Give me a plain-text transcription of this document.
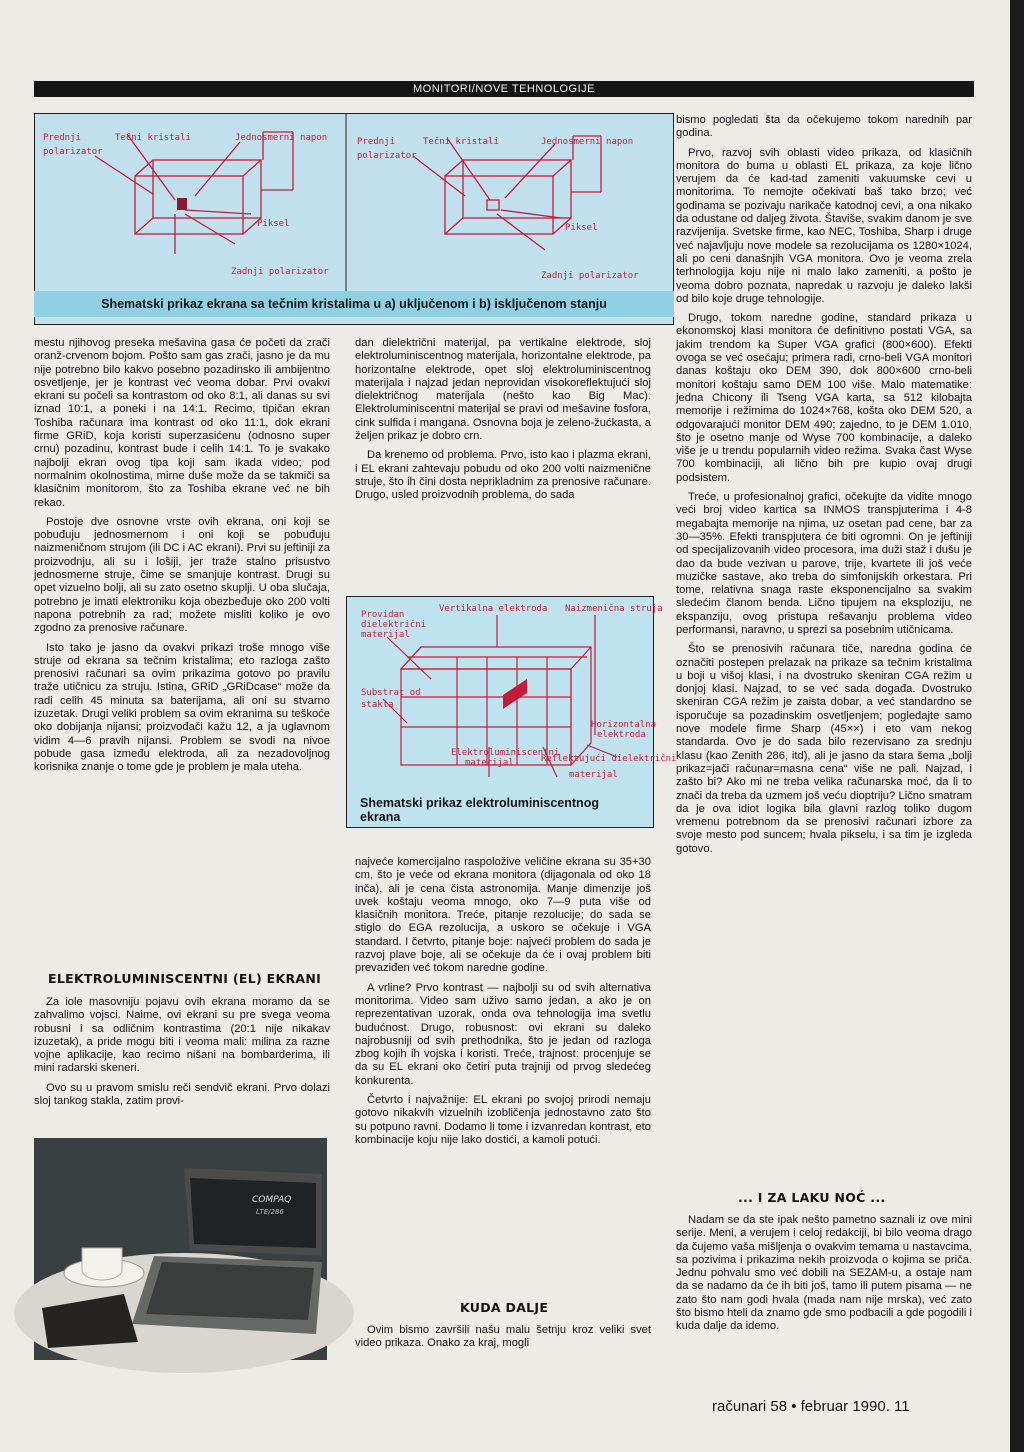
MONITORI/NOVE TEHNOLOGIJE
Prednji
polarizator
Tečni kristali	Jednosmerni napon
Piksel
Zadnji polarizator
Prednji
polarizator
Tečni kristali	Jednosmerni napon
Piksel
Zadnji polarizator
Shematski prikaz ekrana sa tečnim kristalima u a) uključenom i b) isključenom stanju

mestu njihovog preseka mešavina gasa će početi da zrači oranž-crvenom bojom. Pošto sam gas zrači, jasno je da mu nije potrebno bilo kakvo posebno pozadinsko ili ambijentno osvetljenje, jer je kontrast već veoma dobar. Prvi ovakvi ekrani su počeli sa kontrastom od oko 8:1, ali danas su svi iznad 10:1, a poneki i na 14:1. Recimo, tipičan ekran Toshiba računara ima kontrast od oko 11:1, dok ekrani firme GRiD, koja koristi superzasićenu (odnosno super crnu) pozadinu, kontrast bude i celih 14:1. To je svakako najbolji ekran ovog tipa koji sam ikada video; pod normalnim okolnostima, mirne duše može da se takmiči sa klasičnim monitorom, što za Toshiba ekrane već ne bih rekao.

Postoje dve osnovne vrste ovih ekrana, oni koji se pobuđuju jednosmernom i oni koji se pobuđuju naizmeničnom strujom (ili DC i AC ekrani). Prvi su jeftiniji za proizvodnju, ali su i lošiji, jer traže stalno prisustvo jednosmerne struje, čime se smanjuje kontrast. Drugi su opet vizuelno bolji, ali su zato osetno skuplji. U oba slučaja, potrebno je imati elektroniku koja obezbeđuje oko 200 volti napona potrebnih za rad; možete misliti koliko je ovo zgodno za prenosive računare.

Isto tako je jasno da ovakvi prikazi troše mnogo više struje od ekrana sa tečnim kristalima; eto razloga zašto prenosivi računari sa ovim prikazima gotovo po pravilu traže utičnicu za struju. Istina, GRiD „GRiDcase“ može da radi celih 45 minuta sa baterijama, ali oni su stvarno izuzetak. Drugi veliki problem sa ovim ekranima su teškoće oko dobijanja nijansi; proizvođači kažu 12, a ja uglavnom vidim 4—6 pravih nijansi. Problem se svodi na nivoe pobude gasa između elektroda, ali za nezadovoljnog korisnika znanje o tome gde je problem je mala uteha.

ELEKTROLUMINISCENTNI (EL) EKRANI

Za iole masovniju pojavu ovih ekrana moramo da se zahvalimo vojsci. Naime, ovi ekrani su pre svega veoma robusni i sa odličnim kontrastima (20:1 nije nikakav izuzetak), a pride mogu biti i veoma mali: milina za razne vojne aplikacije, kao recimo nišani na bombarderima, ili mini radarski skeneri.

Ovo su u pravom smislu reči sendvič ekrani. Prvo dolazi sloj tankog stakla, zatim provi-

COMPAQ
LTE/286

dan dielektrični materijal, pa vertikalne elektrode, sloj elektroluminiscentnog materijala, horizontalne elektrode, pa horizontalne elektrode, opet sloj elektroluminiscentnog materijala i najzad jedan neprovidan visokoreflektujući sloj dielektričnog materijala (nešto kao Big Mac). Elektroluminiscentni materijal se pravi od mešavine fosfora, cink sulfida i mangana. Osnovna boja je zeleno-žućkasta, a željen prikaz je dobro crn.

Da krenemo od problema. Prvo, isto kao i plazma ekrani, i EL ekrani zahtevaju pobudu od oko 200 volti naizmenične struje, što ih čini dosta neprikladnim za prenosive računare. Drugo, usled proizvodnih problema, do sada

Providan
dielektrični
materijal
Vertikalna elektroda Naizmenična struja
Substrat od
stakla
Horizontalna
elektroda
Elektroluminiscentni
materijal	Reflektujući dielektrični
materijal
Shematski prikaz elektroluminiscentnog ekrana

najveće komercijalno raspoložive veličine ekrana su 35+30 cm, što je veće od ekrana monitora (dijagonala od oko 18 inča), ali je cena čista astronomija. Manje dimenzije još uvek koštaju veoma mnogo, oko 7—9 puta više od klasičnih monitora. Treće, pitanje rezolucije; do sada se stiglo do EGA rezolucija, a uskoro se očekuje i VGA standard. I četvrto, pitanje boje: najveći problem do sada je razvoj plave boje, ali se očekuje da će i ovaj problem biti prevaziđen već tokom naredne godine.

A vrline? Prvo kontrast — najbolji su od svih alternativa monitorima. Video sam uživo samo jedan, a ako je on reprezentativan uzorak, onda ova tehnologija ima svetlu budućnost. Drugo, robusnost: ovi ekrani su daleko najrobusniji od svih prethodnika, što je jedan od razloga zbog kojih ih vojska i koristi. Treće, trajnost: procenjuje se da su EL ekrani oko četiri puta trajniji od prvog sledećeg konkurenta.

Četvrto i najvažnije: EL ekrani po svojoj prirodi nemaju gotovo nikakvih vizuelnih izobličenja jednostavno zato što su potpuno ravni. Dodamo li tome i izvanredan kontrast, eto kombinacije koju nije lako dostići, a kamoli potući.

KUDA DALJE

Ovim bismo završili našu malu šetnju kroz veliki svet video prikaza. Onako za kraj, mogli

bismo pogledati šta da očekujemo tokom narednih par godina.

Prvo, razvoj svih oblasti video prikaza, od klasičnih monitora do buma u oblasti EL prikaza, za koje lično verujem da će kad-tad zameniti vakuumske cevi u monitorima. To nemojte očekivati baš tako brzo; već godinama se pozivaju narikače katodnoj cevi, a ona nikako da odustane od daljeg života. Štaviše, svakim danom je sve razvijenija. Svetske firme, kao NEC, Toshiba, Sharp i druge već najavljuju nove modele sa rezolucijama os 1280×1024, ali po ceni današnjih VGA monitora. Ovo je veoma zrela terhnologija koju nije ni malo lako zameniti, a pošto je veoma dobro poznata, napredak u razvoju je daleko lakši od bilo koje druge tehnologije.

Drugo, tokom naredne godine, standard prikaza u ekonomskoj klasi monitora će definitivno postati VGA, sa jakim trendom ka Super VGA grafici (800×600). Efekti ovoga se već osećaju; primera radi, crno-beli VGA monitori danas koštaju oko DEM 390, dok 800×600 crno-beli monitori koštaju samo DEM 100 više. Malo matematike: jedna Chicony ili Tseng VGA karta, sa 512 kilobajta memorije i režimima do 1024×768, košta oko DEM 520, a odgovarajući monitor DEM 490; zajedno, to je DEM 1.010, što je osetno manje od Wyse 700 kombinacije, a daleko više je u trendu popularnih video režima. Svaka čast Wyse 700 kombinaciji, ali lično bih pre kupio ovaj drugi podsistem.

Treće, u profesionalnoj grafici, očekujte da vidite mnogo veći broj video kartica sa INMOS transpjuterima i 4-8 megabajta memorije na njima, uz osetan pad cene, bar za 30—35%. Efekti transpjutera će biti ogromni. On je jeftiniji od specijalizovanih video procesora, ima duži staž i dušu je dao da bude vezivan u parove, trije, kvartete ili još veće muzičke sastave, ako treba do simfonijskih orkestara. Pri tome, relativna snaga raste eksponencijalno sa svakim sledećim članom benda. Lično tipujem na eksploziju, ne ekspanziju, ovog pristupa rešavanju problema video performansi, naravno, u sprezi sa posebnim utičnicama.

Što se prenosivih računara tiče, naredna godina će označiti postepen prelazak na prikaze sa tečnim kristalima u boji u višoj klasi, i na dvostruko skeniran CGA režim u donjoj klasi. Najzad, to se već sada događa. Dvostruko skeniran CGA režim je zaista dobar, a već standardno se isporučuje sa pozadinskim osvetljenjem; pogledajte samo nove modele firme Sharp (45××) i eto vam nekog standarda. Ovo je do sada bilo rezervisano za srednju klasu (kao Zenith 286, itd), ali je jasno da stara šema „bolji prikaz=jači računar=masna cena“ više ne pali. Najzad, i zašto bi? Ako mi ne treba velika računarska moć, da li to znači da treba da uzmem još veću dioptriju? Lično smatram da je ova idiot logika bila glavni razlog toliko dugom vremenu potrebnom da se prenosivi računari izbore za svoje mesto pod suncem; hvala pikselu, i sa tim je izgleda gotovo.

... I ZA LAKU NOĆ ...

Nadam se da ste ipak nešto pametno saznali iz ove mini serije. Meni, a verujem i celoj redakciji, bi bilo veoma drago da čujemo vaša mišljenja o ovakvim temama u nastavcima, sa pozivima i prikazima nekih proizvoda o kojima se priča. Jednu pohvalu smo već dobili na SEZAM-u, a ostaje nam da se nadamo da će ih biti još, tamo ili putem pisama — ne zato što nam godi hvala (mada nam nije mrska), već zato što bismo hteli da znamo gde smo podbacili a gde pogodili i kuda dalje da idemo.

računari 58 • februar 1990. 11
